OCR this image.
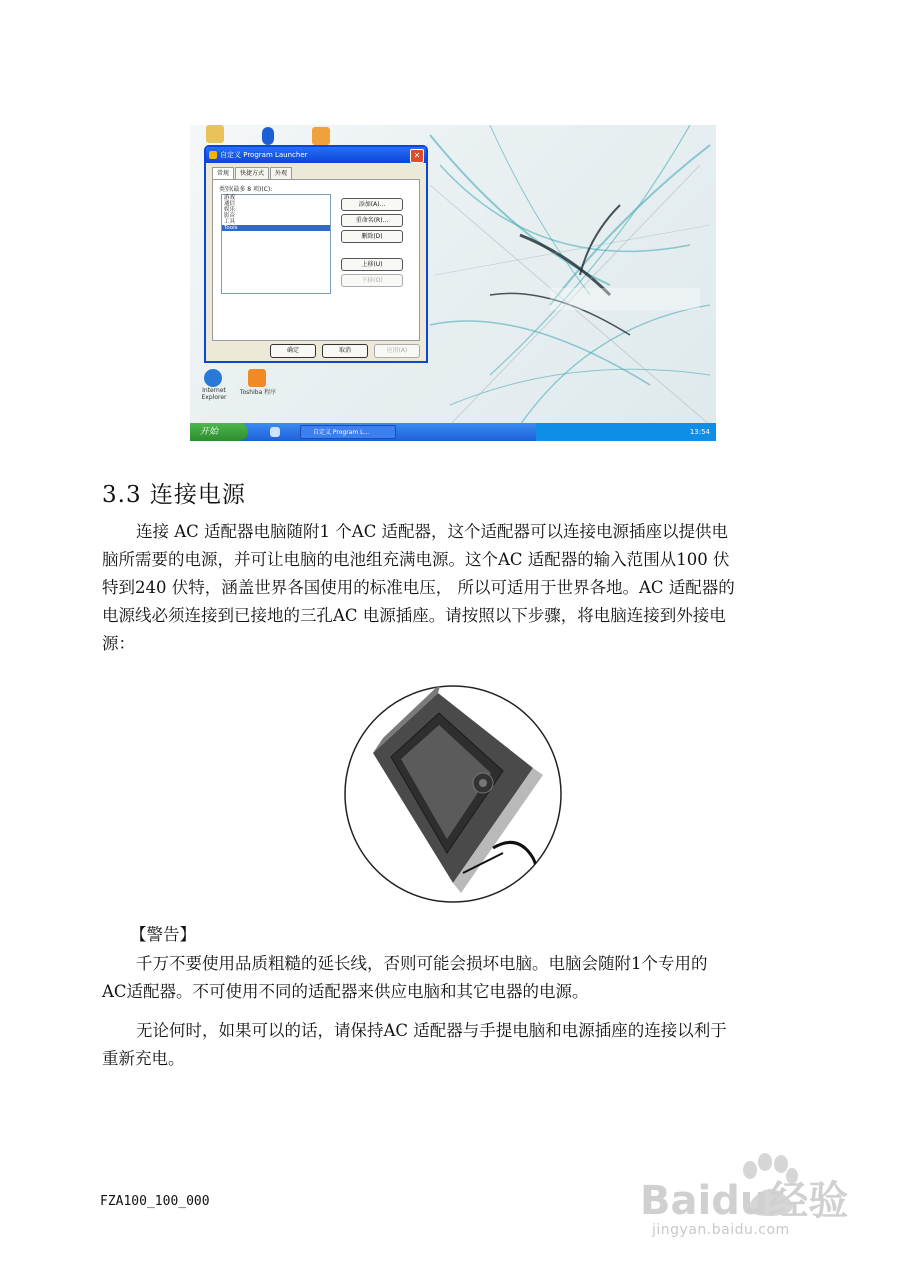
自定义 Program Launcher	✕
常规	快捷方式	外观
类别(最多 8 项)(C):
游戏
通信
娱乐
影音
工具
Tools
添加(A)...
重命名(R)...
删除(D)
上移(U)
下移(O)
确定	取消	应用(A)
Internet Explorer
Toshiba 程序
开始	自定义 Program L...	13:54
3.3 连接电源
连接 AC 适配器电脑随附1 个AC 适配器，这个适配器可以连接电源插座以提供电
脑所需要的电源，并可让电脑的电池组充满电源。这个AC 适配器的输入范围从100 伏
特到240 伏特，涵盖世界各国使用的标准电压， 所以可适用于世界各地。AC 适配器的
电源线必须连接到已接地的三孔AC 电源插座。请按照以下步骤，将电脑连接到外接电
源：
【警告】
千万不要使用品质粗糙的延长线，否则可能会损坏电脑。电脑会随附1个专用的
AC适配器。不可使用不同的适配器来供应电脑和其它电器的电源。
无论何时，如果可以的话，请保持AC 适配器与手提电脑和电源插座的连接以利于
重新充电。
FZA100_100_000	Baidu经验
jingyan.baidu.com
